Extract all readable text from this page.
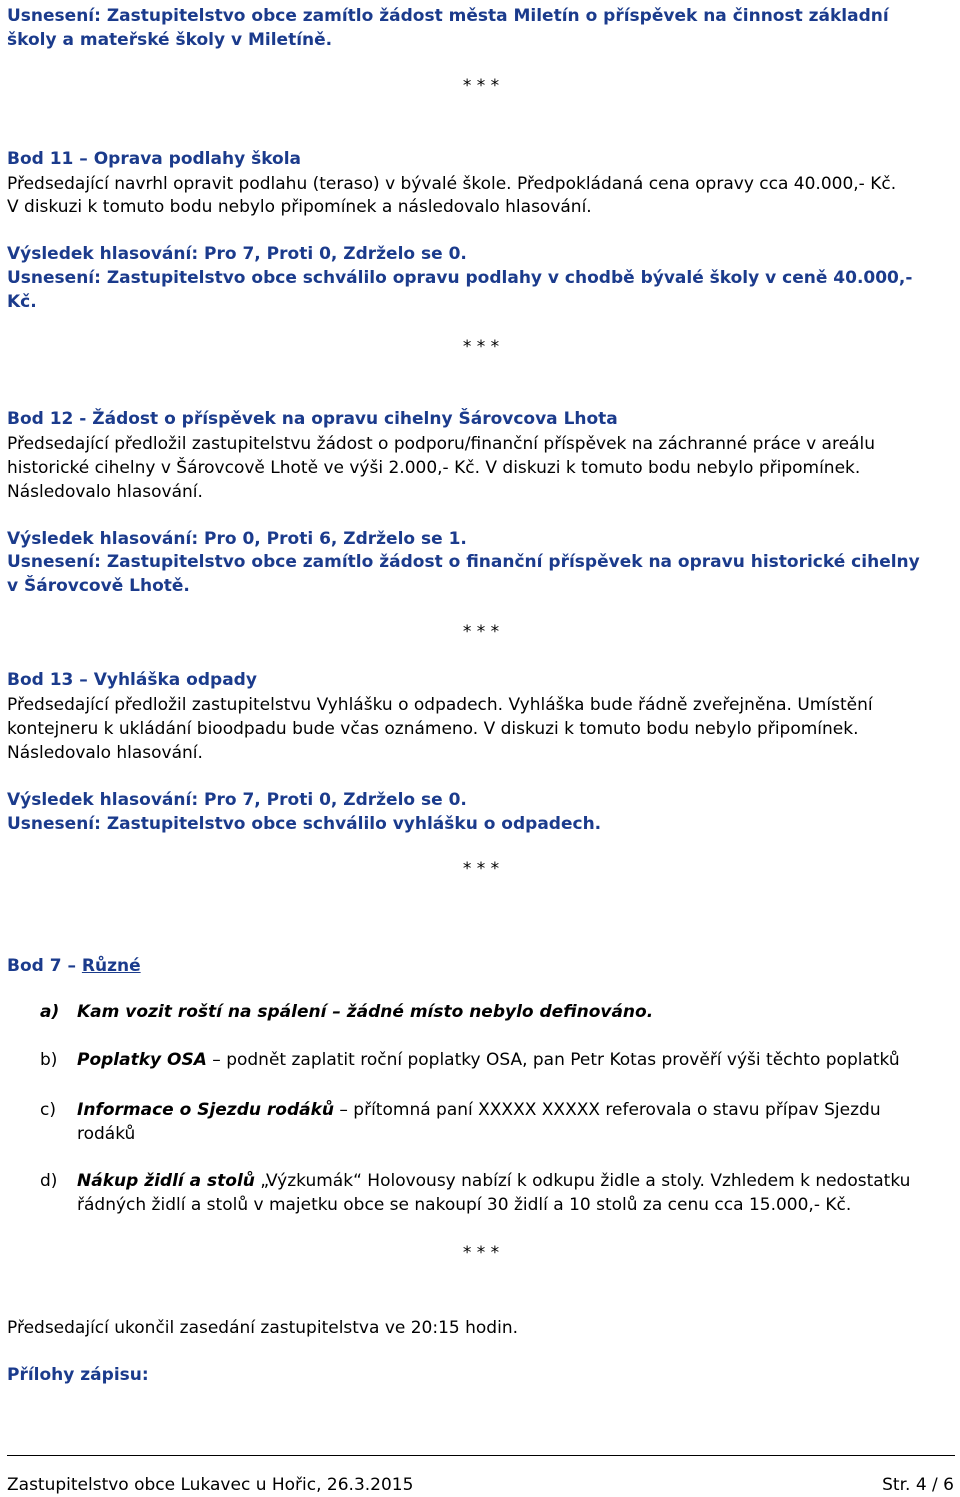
Usnesení: Zastupitelstvo obce zamítlo žádost města Miletín o příspěvek na činnost základní
školy a mateřské školy v Miletíně.
* * *
Bod 11 – Oprava podlahy škola
Předsedající navrhl opravit podlahu (teraso) v bývalé škole. Předpokládaná cena opravy cca 40.000,- Kč.
V diskuzi k tomuto bodu nebylo připomínek a následovalo hlasování.
Výsledek hlasování: Pro 7, Proti 0, Zdrželo se 0.
Usnesení: Zastupitelstvo obce schválilo opravu podlahy v chodbě bývalé školy v ceně 40.000,-
Kč.
* * *
Bod 12 - Žádost o příspěvek na opravu cihelny Šárovcova Lhota
Předsedající předložil zastupitelstvu žádost o podporu/finanční příspěvek na záchranné práce v areálu
historické cihelny v Šárovcově Lhotě ve výši 2.000,- Kč. V diskuzi k tomuto bodu nebylo připomínek.
Následovalo hlasování.
Výsledek hlasování: Pro 0, Proti 6, Zdrželo se 1.
Usnesení: Zastupitelstvo obce zamítlo žádost o finanční příspěvek na opravu historické cihelny
v Šárovcově Lhotě.
* * *
Bod 13 – Vyhláška odpady
Předsedající předložil zastupitelstvu Vyhlášku o odpadech. Vyhláška bude řádně zveřejněna. Umístění
kontejneru k ukládání bioodpadu bude včas oznámeno. V diskuzi k tomuto bodu nebylo připomínek.
Následovalo hlasování.
Výsledek hlasování: Pro 7, Proti 0, Zdrželo se 0.
Usnesení: Zastupitelstvo obce schválilo vyhlášku o odpadech.
* * *
Bod 7 – Různé
a)	Kam vozit roští na spálení – žádné místo nebylo definováno.
b)	Poplatky OSA – podnět zaplatit roční poplatky OSA, pan Petr Kotas prověří výši těchto poplatků
c)	Informace o Sjezdu rodáků – přítomná paní XXXXX XXXXX referovala o stavu přípav Sjezdu
rodáků
d)	Nákup židlí a stolů „Výzkumák“ Holovousy nabízí k odkupu židle a stoly. Vzhledem k nedostatku
řádných židlí a stolů v majetku obce se nakoupí 30 židlí a 10 stolů za cenu cca 15.000,- Kč.
* * *
Předsedající ukončil zasedání zastupitelstva ve 20:15 hodin.
Přílohy zápisu:
Zastupitelstvo obce Lukavec u Hořic, 26.3.2015	Str. 4 / 6
